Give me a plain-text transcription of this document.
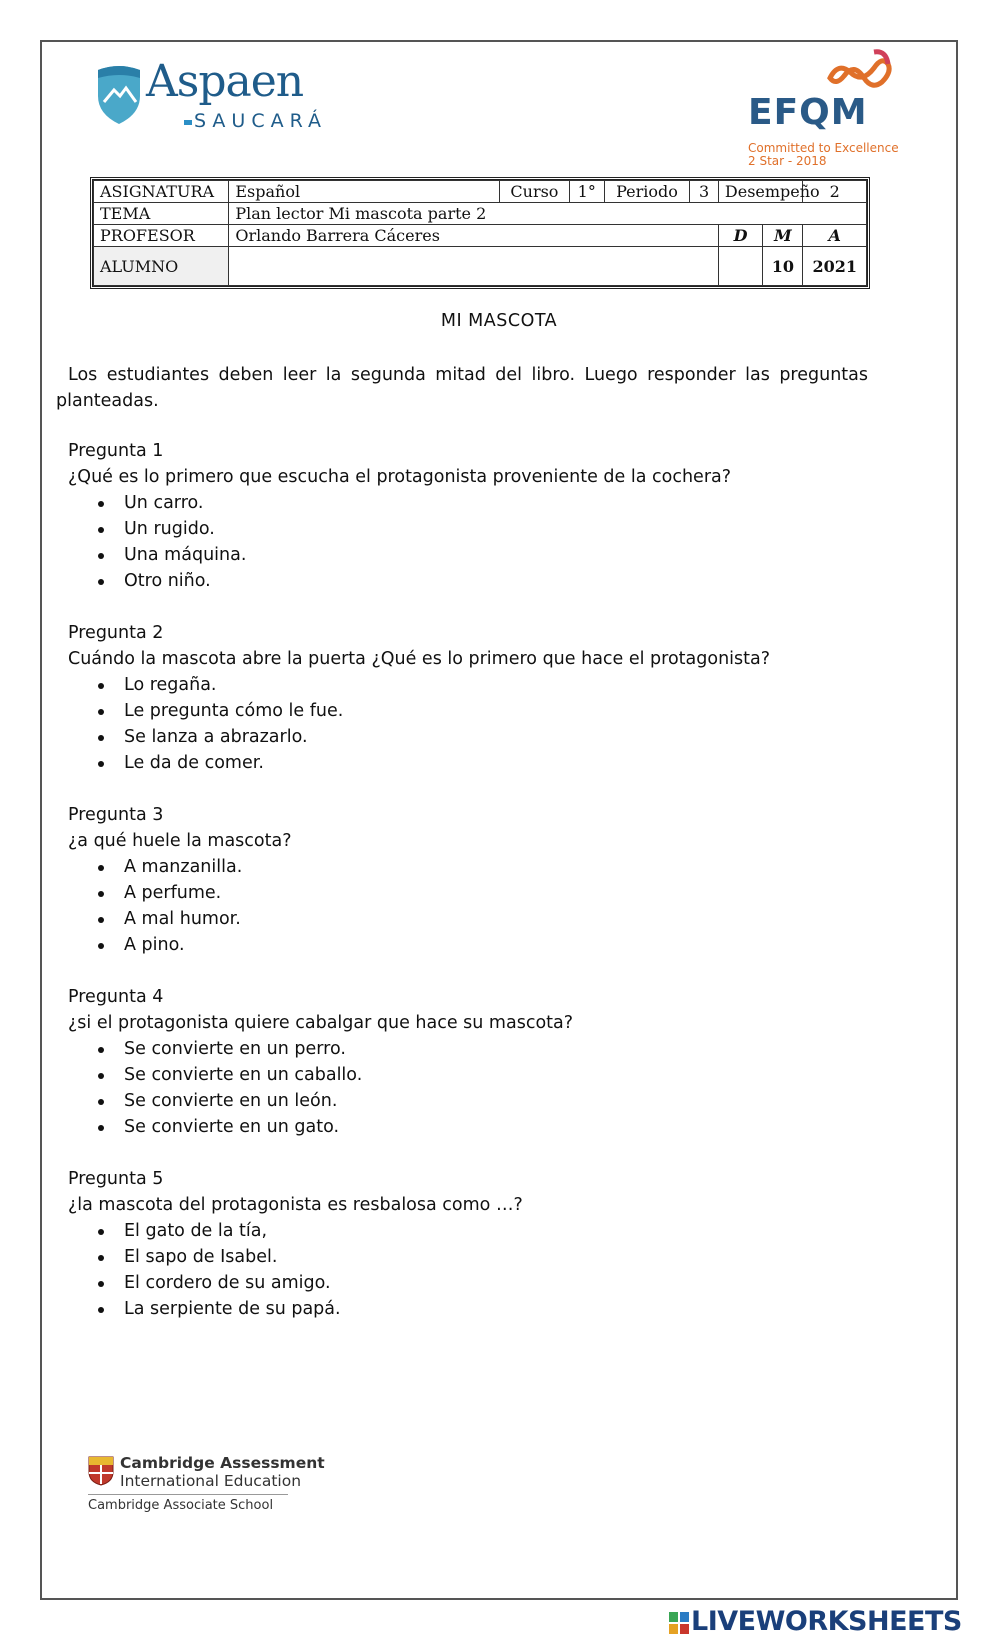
Aspaen
SAUCARÁ	EFQM
Committed to Excellence
2 Star - 2018
ASIGNATURA	Español	Curso	1°	Periodo	3	Desempeño		2
TEMA	Plan lector Mi mascota parte 2							
PROFESOR	Orlando Barrera Cáceres					D	M	A
ALUMNO							10	2021
MI MASCOTA
Los estudiantes deben leer la segunda mitad del libro. Luego responder las preguntas planteadas.

Pregunta 1

¿Qué es lo primero que escucha el protagonista proveniente de la cochera?

Un carro.
Un rugido.
Una máquina.
Otro niño.

Pregunta 2

Cuándo la mascota abre la puerta ¿Qué es lo primero que hace el protagonista?

Lo regaña.
Le pregunta cómo le fue.
Se lanza a abrazarlo.
Le da de comer.

Pregunta 3

¿a qué huele la mascota?

A manzanilla.
A perfume.
A mal humor.
A pino.

Pregunta 4

¿si el protagonista quiere cabalgar que hace su mascota?

Se convierte en un perro.
Se convierte en un caballo.
Se convierte en un león.
Se convierte en un gato.

Pregunta 5

¿la mascota del protagonista es resbalosa como …?

El gato de la tía,
El sapo de Isabel.
El cordero de su amigo.
La serpiente de su papá.
Cambridge Assessment
International Education
Cambridge Associate School
LIVEWORKSHEETS
